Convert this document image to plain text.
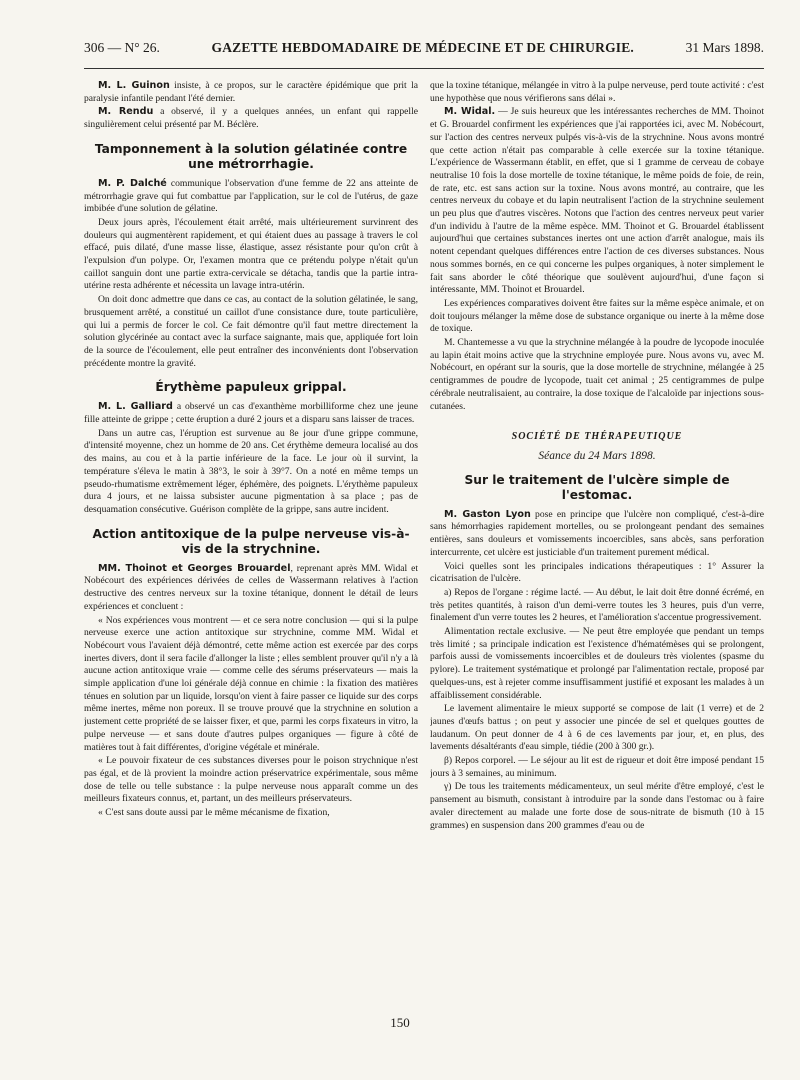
306 — N° 26.	GAZETTE HEBDOMADAIRE DE MÉDECINE ET DE CHIRURGIE.	31 Mars 1898.

M. L. Guinon insiste, à ce propos, sur le caractère épidémique que prit la paralysie infantile pendant l'été dernier.

M. Rendu a observé, il y a quelques années, un enfant qui rappelle singulièrement celui présenté par M. Béclère.

Tamponnement à la solution gélatinée contre une métrorrhagie.

M. P. Dalché communique l'observation d'une femme de 22 ans atteinte de métrorrhagie grave qui fut combattue par l'application, sur le col de l'utérus, de gaze imbibée d'une solution de gélatine.

Deux jours après, l'écoulement était arrêté, mais ultérieurement survinrent des douleurs qui augmentèrent rapidement, et qui étaient dues au passage à travers le col effacé, puis dilaté, d'une masse lisse, élastique, assez résistante pour qu'on crût à l'expulsion d'un polype. Or, l'examen montra que ce prétendu polype n'était qu'un caillot sanguin dont une partie extra-cervicale se détacha, tandis que la partie intra-utérine resta adhérente et nécessita un lavage intra-utérin.

On doit donc admettre que dans ce cas, au contact de la solution gélatinée, le sang, brusquement arrêté, a constitué un caillot d'une consistance dure, toute particulière, qui lui a permis de forcer le col. Ce fait démontre qu'il faut mettre directement la solution glycérinée au contact avec la surface saignante, mais que, appliquée fort loin de la source de l'écoulement, elle peut entraîner des inconvénients dont l'observation précédente montre la gravité.

Érythème papuleux grippal.

M. L. Galliard a observé un cas d'exanthème morbilliforme chez une jeune fille atteinte de grippe ; cette éruption a duré 2 jours et a disparu sans laisser de traces.

Dans un autre cas, l'éruption est survenue au 8e jour d'une grippe commune, d'intensité moyenne, chez un homme de 20 ans. Cet érythème demeura localisé au dos des mains, au cou et à la partie inférieure de la face. Le jour où il survint, la température s'éleva le matin à 38°3, le soir à 39°7. On a noté en même temps un pseudo-rhumatisme extrêmement léger, éphémère, des poignets. L'érythème papuleux dura 4 jours, et ne laissa subsister aucune pigmentation à sa place ; pas de desquamation consécutive. Guérison complète de la grippe, sans autre incident.

Action antitoxique de la pulpe nerveuse vis-à-vis de la strychnine.

MM. Thoinot et Georges Brouardel, reprenant après MM. Widal et Nobécourt des expériences dérivées de celles de Wassermann relatives à l'action destructive des centres nerveux sur la toxine tétanique, donnent le détail de leurs expériences et concluent :

« Nos expériences vous montrent — et ce sera notre conclusion — qui si la pulpe nerveuse exerce une action antitoxique sur strychnine, comme MM. Widal et Nobécourt vous l'avaient déjà démontré, cette même action est exercée par des corps inertes divers, dont il sera facile d'allonger la liste ; elles semblent prouver qu'il n'y a là aucune action antitoxique vraie — comme celle des sérums préservateurs — mais la simple application d'une loi générale déjà connue en chimie : la fixation des matières ténues en solution par un liquide, lorsqu'on vient à faire passer ce liquide sur des corps même inertes, même non poreux. Il se trouve prouvé que la strychnine en solution a justement cette propriété de se laisser fixer, et que, parmi les corps fixateurs in vitro, la pulpe nerveuse — et sans doute d'autres pulpes organiques — figure à côté de matières tout à fait différentes, d'origine végétale et minérale.

« Le pouvoir fixateur de ces substances diverses pour le poison strychnique n'est pas égal, et de là provient la moindre action préservatrice expérimentale, sous même dose de telle ou telle substance : la pulpe nerveuse nous apparaît comme un des meilleurs fixateurs connus, et, partant, un des meilleurs préservateurs.

« C'est sans doute aussi par le même mécanisme de fixation,

que la toxine tétanique, mélangée in vitro à la pulpe nerveuse, perd toute activité : c'est une hypothèse que nous vérifierons sans délai ».

M. Widal. — Je suis heureux que les intéressantes recherches de MM. Thoinot et G. Brouardel confirment les expériences que j'ai rapportées ici, avec M. Nobécourt, sur l'action des centres nerveux pulpés vis-à-vis de la strychnine. Nous avons montré que cette action n'était pas comparable à celle exercée sur la toxine tétanique. L'expérience de Wassermann établit, en effet, que si 1 gramme de cerveau de cobaye neutralise 10 fois la dose mortelle de toxine tétanique, le même poids de foie, de rein, de rate, etc. est sans action sur la toxine. Nous avons montré, au contraire, que les centres nerveux du cobaye et du lapin neutralisent l'action de la strychnine seulement un peu plus que d'autres viscères. Notons que l'action des centres nerveux peut varier d'un individu à l'autre de la même espèce. MM. Thoinot et G. Brouardel établissent aujourd'hui que certaines substances inertes ont une action d'arrêt analogue, mais ils notent cependant quelques différences entre l'action de ces diverses substances. Nous nous sommes bornés, en ce qui concerne les pulpes organiques, à noter simplement le fait sans aborder le côté théorique que soulèvent aujourd'hui, d'une façon si intéressante, MM. Thoinot et Brouardel.

Les expériences comparatives doivent être faites sur la même espèce animale, et on doit toujours mélanger la même dose de substance organique ou inerte à la même dose de toxique.

M. Chantemesse a vu que la strychnine mélangée à la poudre de lycopode inoculée au lapin était moins active que la strychnine employée pure. Nous avons vu, avec M. Nobécourt, en opérant sur la souris, que la dose mortelle de strychnine, mélangée à 25 centigrammes de poudre de lycopode, tuait cet animal ; 25 centigrammes de pulpe cérébrale neutralisaient, au contraire, la dose toxique de l'alcaloïde par injections sous-cutanées.

SOCIÉTÉ DE THÉRAPEUTIQUE
Séance du 24 Mars 1898.
Sur le traitement de l'ulcère simple de l'estomac.

M. Gaston Lyon pose en principe que l'ulcère non compliqué, c'est-à-dire sans hémorrhagies rapidement mortelles, ou se prolongeant pendant des semaines entières, sans douleurs et vomissements incoercibles, sans abcès, sans perforation intercurrente, cet ulcère est justiciable d'un traitement purement médical.

Voici quelles sont les principales indications thérapeutiques : 1° Assurer la cicatrisation de l'ulcère.

a) Repos de l'organe : régime lacté. — Au début, le lait doit être donné écrémé, en très petites quantités, à raison d'un demi-verre toutes les 3 heures, puis d'un verre, finalement d'un verre toutes les 2 heures, et l'amélioration s'accentue progressivement.

Alimentation rectale exclusive. — Ne peut être employée que pendant un temps très limité ; sa principale indication est l'existence d'hématémèses qui se prolongent, parfois aussi de vomissements incoercibles et de douleurs très violentes (spasme du pylore). Le traitement systématique et prolongé par l'alimentation rectale, proposé par quelques-uns, est à rejeter comme insuffisamment justifié et exposant les malades à un affaiblissement considérable.

Le lavement alimentaire le mieux supporté se compose de lait (1 verre) et de 2 jaunes d'œufs battus ; on peut y associer une pincée de sel et quelques gouttes de laudanum. On peut donner de 4 à 6 de ces lavements par jour, et, en plus, des lavements désaltérants d'eau simple, tiédie (200 à 300 gr.).

β) Repos corporel. — Le séjour au lit est de rigueur et doit être imposé pendant 15 jours à 3 semaines, au minimum.

γ) De tous les traitements médicamenteux, un seul mérite d'être employé, c'est le pansement au bismuth, consistant à introduire par la sonde dans l'estomac ou à faire avaler directement au malade une forte dose de sous-nitrate de bismuth (10 à 15 grammes) en suspension dans 200 grammes d'eau ou de

150
